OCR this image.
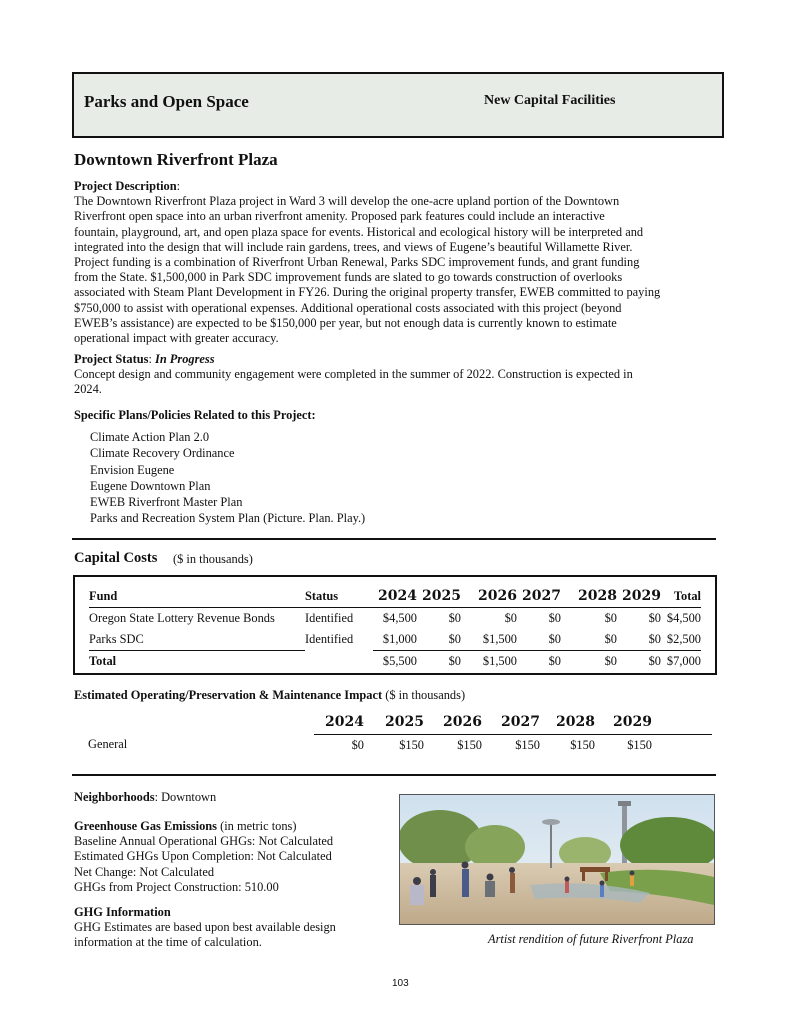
Parks and Open Space	New Capital Facilities
Downtown Riverfront Plaza
Project Description:
The Downtown Riverfront Plaza project in Ward 3 will develop the one-acre upland portion of the Downtown
Riverfront open space into an urban riverfront amenity. Proposed park features could include an interactive
fountain, playground, art, and open plaza space for events. Historical and ecological history will be interpreted and
integrated into the design that will include rain gardens, trees, and views of Eugene’s beautiful Willamette River.
Project funding is a combination of Riverfront Urban Renewal, Parks SDC improvement funds, and grant funding
from the State. $1,500,000 in Park SDC improvement funds are slated to go towards construction of overlooks
associated with Steam Plant Development in FY26. During the original property transfer, EWEB committed to paying
$750,000 to assist with operational expenses. Additional operational costs associated with this project (beyond
EWEB’s assistance) are expected to be $150,000 per year, but not enough data is currently known to estimate
operational impact with greater accuracy.
Project Status: In Progress
Concept design and community engagement were completed in the summer of 2022. Construction is expected in
2024.
Specific Plans/Policies Related to this Project:
Climate Action Plan 2.0
Climate Recovery Ordinance
Envision Eugene
Eugene Downtown Plan
EWEB Riverfront Master Plan
Parks and Recreation System Plan (Picture. Plan. Play.)
Capital Costs ($ in thousands)
Fund	Status	2024	2025	2026	2027	2028	2029	Total
Oregon State Lottery Revenue Bonds	Identified	$4,500	$0	$0	$0	$0	$0	$4,500
Parks SDC	Identified	$1,000	$0	$1,500	$0	$0	$0	$2,500
Total		$5,500	$0	$1,500	$0	$0	$0	$7,000
Estimated Operating/Preservation & Maintenance Impact ($ in thousands)
	2024	2025	2026	2027	2028	2029	
General	$0	$150	$150	$150	$150	$150	
Neighborhoods: Downtown
Greenhouse Gas Emissions (in metric tons)
Baseline Annual Operational GHGs: Not Calculated
Estimated GHGs Upon Completion: Not Calculated
Net Change: Not Calculated
GHGs from Project Construction: 510.00
GHG Information
GHG Estimates are based upon best available design
information at the time of calculation.	Artist rendition of future Riverfront Plaza
103
